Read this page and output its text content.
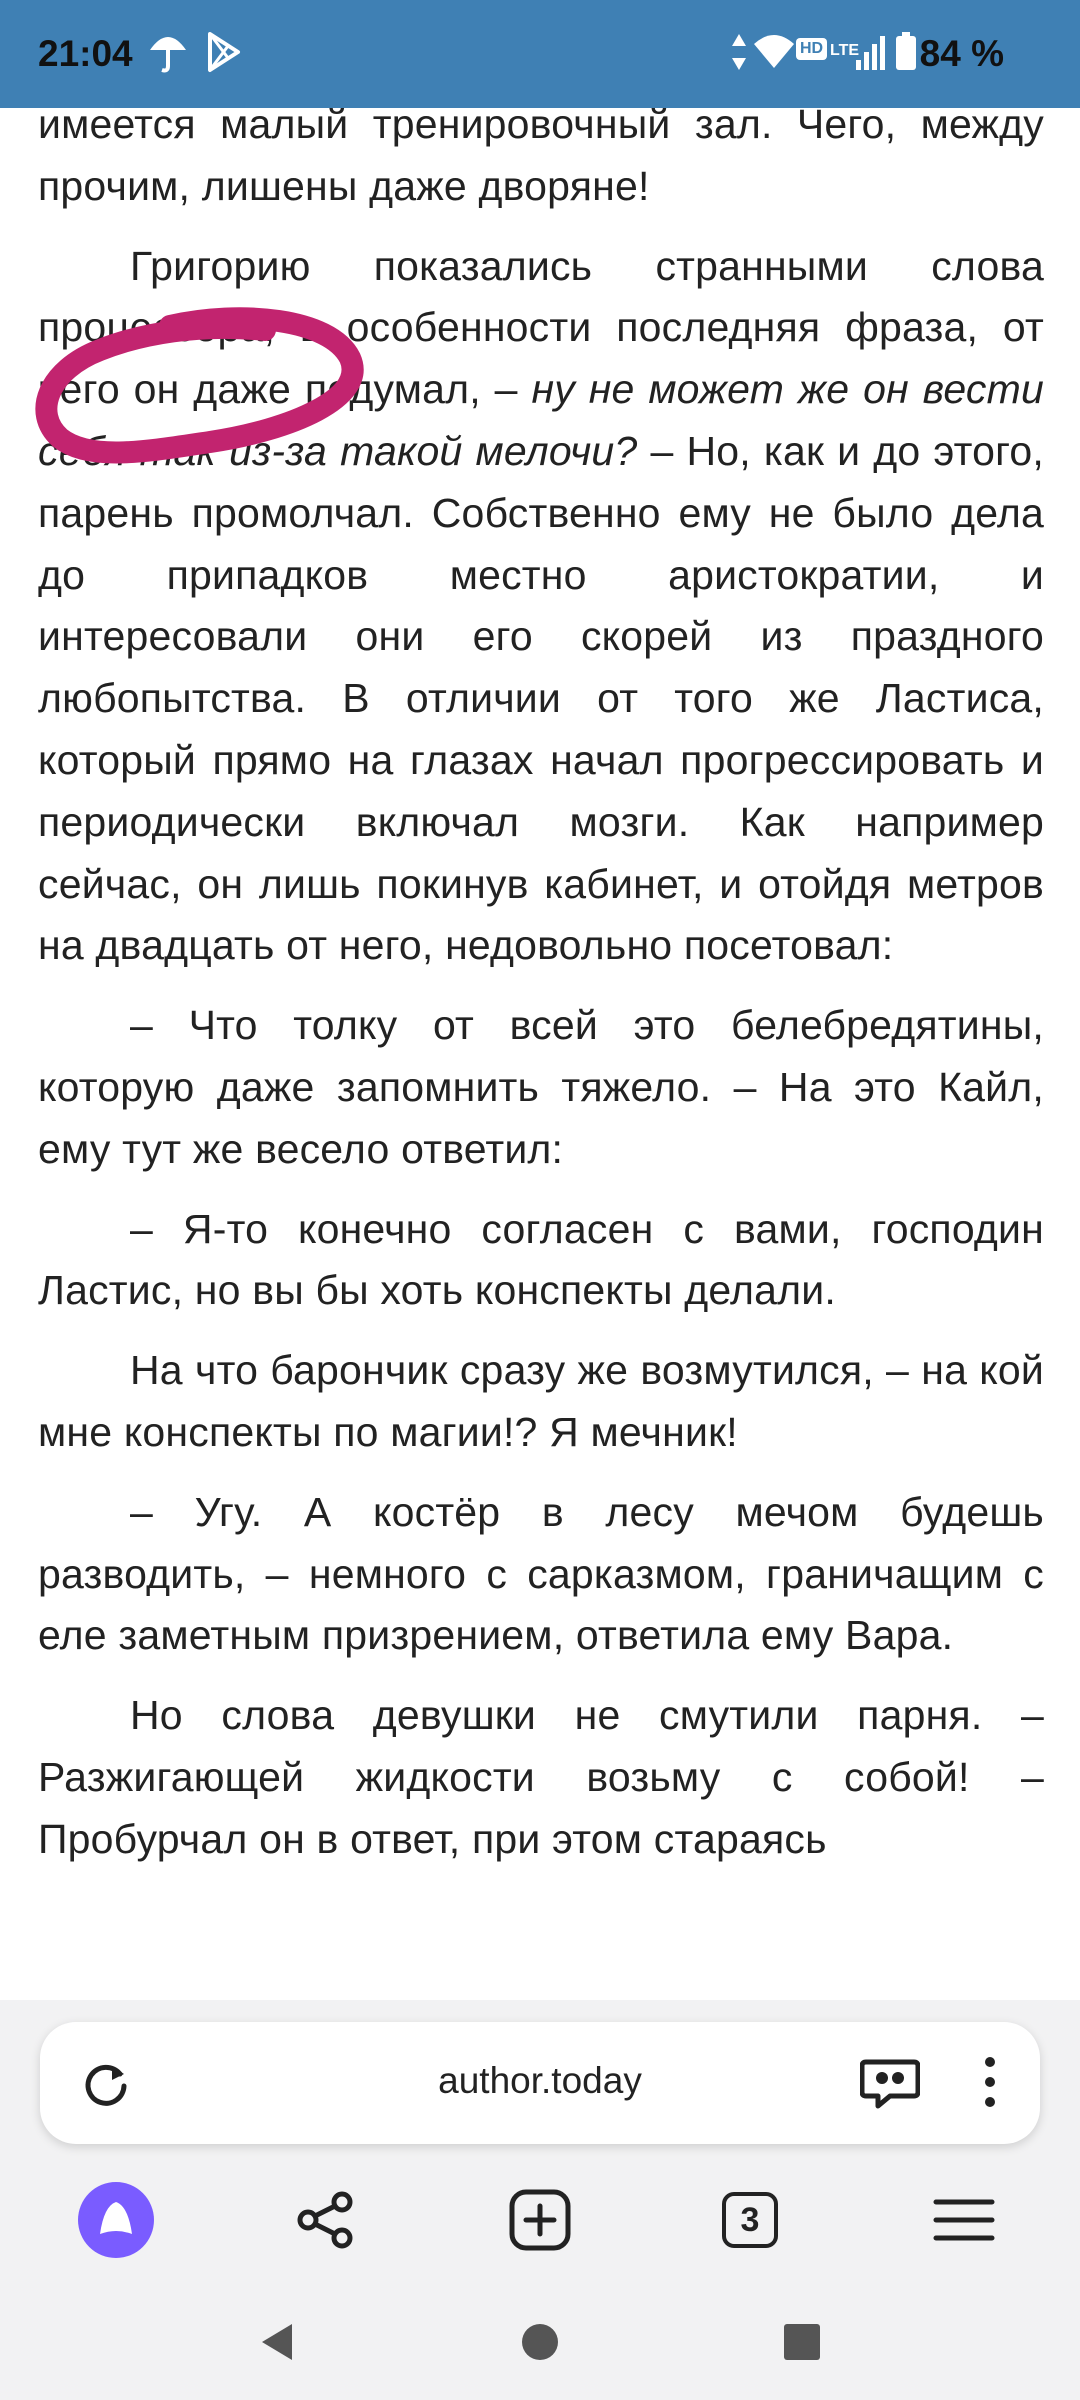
21:04	HD LTE 84 %

имеется малый тренировочный зал. Чего, между прочим, лишены даже дворяне!

Григорию показались странными слова процессора, в особенности последняя фраза, от чего он даже подумал, – ну не может же он вести себя так из-за такой мелочи? – Но, как и до этого, парень промолчал. Собственно ему не было дела до припадков местно аристократии, и интересовали они его скорей из праздного любопытства. В отличии от того же Ластиса, который прямо на глазах начал прогрессировать и периодически включал мозги. Как например сейчас, он лишь покинув кабинет, и отойдя метров на двадцать от него, недовольно посетовал:

– Что толку от всей это белебредятины, которую даже запомнить тяжело. – На это Кайл, ему тут же весело ответил:

– Я-то конечно согласен с вами, господин Ластис, но вы бы хоть конспекты делали.

На что барончик сразу же возмутился, – на кой мне конспекты по магии!? Я мечник!

– Угу. А костёр в лесу мечом будешь разводить, – немного с сарказмом, граничащим с еле заметным призрением, ответила ему Вара.

Но слова девушки не смутили парня. – Разжигающей жидкости возьму с собой! – Пробурчал он в ответ, при этом стараясь

author.today
3
